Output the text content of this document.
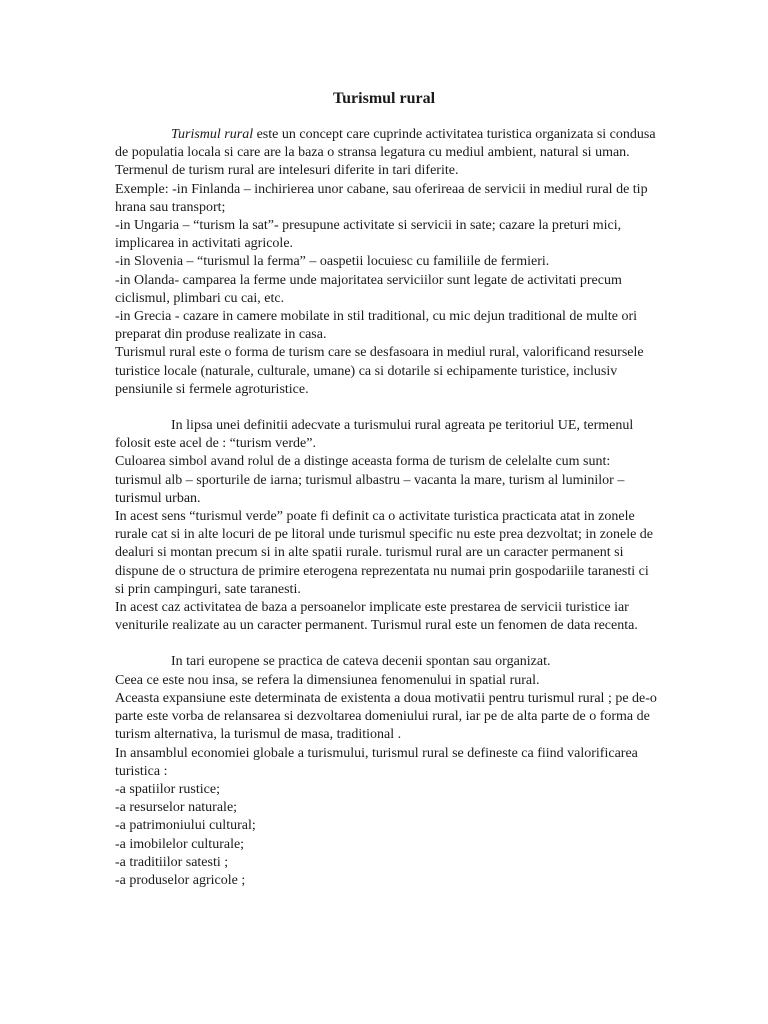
Turismul rural

Turismul rural este un concept care cuprinde activitatea turistica organizata si condusa de populatia locala si care are la baza o stransa legatura cu mediul ambient, natural si uman.

Termenul de turism rural are intelesuri diferite in tari diferite.

Exemple: -in Finlanda – inchirierea unor cabane, sau oferireaa de servicii in mediul rural de tip hrana sau transport;

-in Ungaria – “turism la sat”- presupune activitate si servicii in sate; cazare la preturi mici, implicarea in activitati agricole.

-in Slovenia – “turismul la ferma” – oaspetii locuiesc cu familiile de fermieri.

-in Olanda- camparea la ferme unde majoritatea serviciilor sunt legate de activitati precum ciclismul, plimbari cu cai, etc.

-in Grecia - cazare in camere mobilate in stil traditional, cu mic dejun traditional de multe ori preparat din produse realizate in casa.

Turismul rural este o forma de turism care se desfasoara in mediul rural, valorificand resursele turistice locale (naturale, culturale, umane) ca si dotarile si echipamente turistice, inclusiv pensiunile si fermele agroturistice.

In lipsa unei definitii adecvate a turismului rural agreata pe teritoriul UE, termenul folosit este acel de : “turism verde”.

Culoarea simbol avand rolul de a distinge aceasta forma de turism de celelalte cum sunt: turismul alb – sporturile de iarna; turismul albastru – vacanta la mare, turism al luminilor – turismul urban.

In acest sens “turismul verde” poate fi definit ca o activitate turistica practicata atat in zonele rurale cat si in alte locuri de pe litoral unde turismul specific nu este prea dezvoltat; in zonele de dealuri si montan precum si in alte spatii rurale. turismul rural are un caracter permanent si dispune de o structura de primire eterogena reprezentata nu numai prin gospodariile taranesti ci si prin campinguri, sate taranesti.

In acest caz activitatea de baza a persoanelor implicate este prestarea de servicii turistice iar veniturile realizate au un caracter permanent. Turismul rural este un fenomen de data recenta.

In tari europene se practica de cateva decenii spontan sau organizat.

Ceea ce este nou insa, se refera la dimensiunea fenomenului in spatial rural.

Aceasta expansiune este determinata de existenta a doua motivatii pentru turismul rural ; pe de-o parte este vorba de relansarea si dezvoltarea domeniului rural, iar pe de alta parte de o forma de turism alternativa, la turismul de masa, traditional .

In ansamblul economiei globale a turismului, turismul rural se defineste ca fiind valorificarea turistica :

-a spatiilor rustice;

-a resurselor naturale;

-a patrimoniului cultural;

-a imobilelor culturale;

-a traditiilor satesti ;

-a produselor agricole ;
